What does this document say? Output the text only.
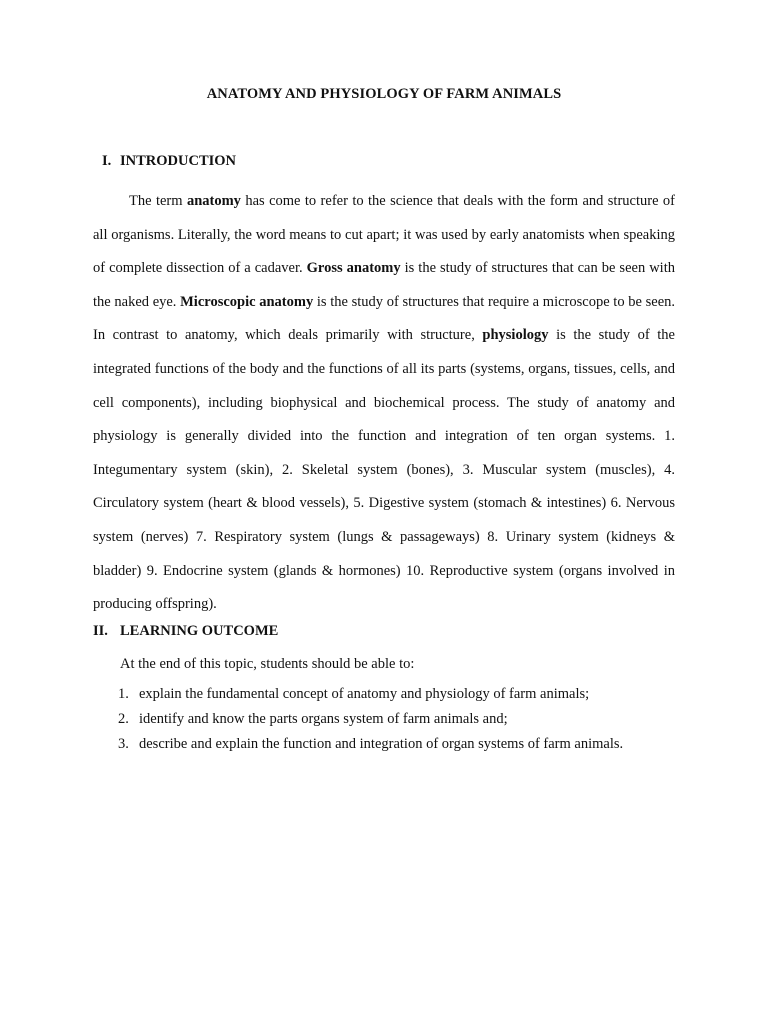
ANATOMY AND PHYSIOLOGY OF FARM ANIMALS
I. INTRODUCTION

The term anatomy has come to refer to the science that deals with the form and structure of all organisms. Literally, the word means to cut apart; it was used by early anatomists when speaking of complete dissection of a cadaver. Gross anatomy is the study of structures that can be seen with the naked eye. Microscopic anatomy is the study of structures that require a microscope to be seen. In contrast to anatomy, which deals primarily with structure, physiology is the study of the integrated functions of the body and the functions of all its parts (systems, organs, tissues, cells, and cell components), including biophysical and biochemical process. The study of anatomy and physiology is generally divided into the function and integration of ten organ systems. 1. Integumentary system (skin), 2. Skeletal system (bones), 3. Muscular system (muscles), 4. Circulatory system (heart & blood vessels), 5. Digestive system (stomach & intestines) 6. Nervous system (nerves) 7. Respiratory system (lungs & passageways) 8. Urinary system (kidneys & bladder) 9. Endocrine system (glands & hormones) 10. Reproductive system (organs involved in producing offspring).

II. LEARNING OUTCOME
At the end of this topic, students should be able to:
1. explain the fundamental concept of anatomy and physiology of farm animals;
2. identify and know the parts organs system of farm animals and;
3. describe and explain the function and integration of organ systems of farm animals.
